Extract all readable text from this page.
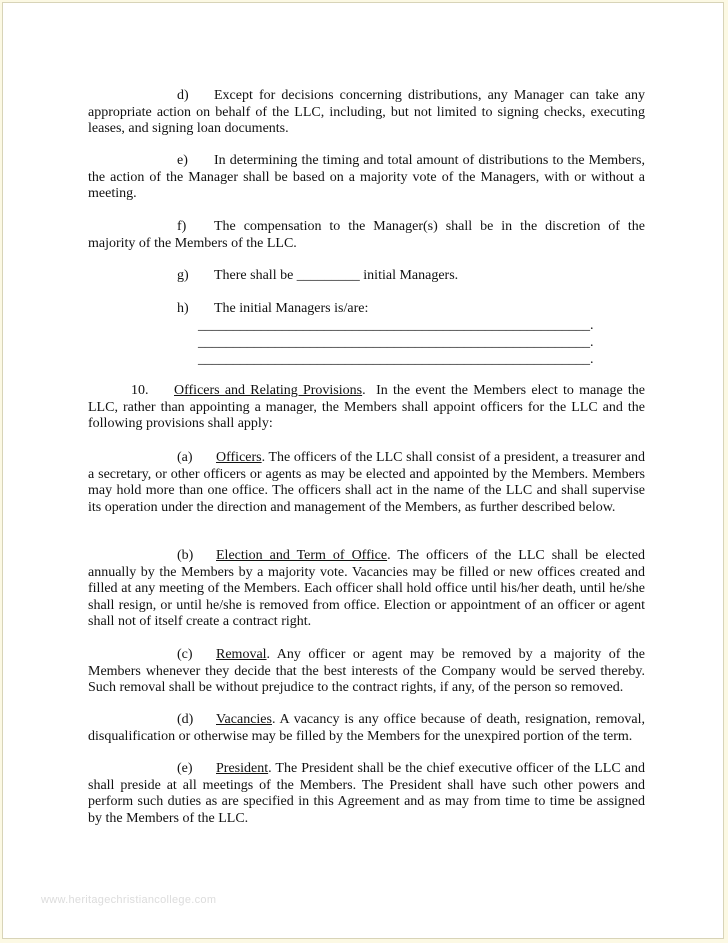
d) Except for decisions concerning distributions, any Manager can take any appropriate action on behalf of the LLC, including, but not limited to signing checks, executing leases, and signing loan documents.

e) In determining the timing and total amount of distributions to the Members, the action of the Manager shall be based on a majority vote of the Managers, with or without a meeting.

f) The compensation to the Manager(s) shall be in the discretion of the majority of the Members of the LLC.

g) There shall be _________ initial Managers.

h) The initial Managers is/are:

________________________________________________________.
________________________________________________________.
________________________________________________________.

10. Officers and Relating Provisions. In the event the Members elect to manage the LLC, rather than appointing a manager, the Members shall appoint officers for the LLC and the following provisions shall apply:

(a) Officers. The officers of the LLC shall consist of a president, a treasurer and a secretary, or other officers or agents as may be elected and appointed by the Members. Members may hold more than one office. The officers shall act in the name of the LLC and shall supervise its operation under the direction and management of the Members, as further described below.

(b) Election and Term of Office. The officers of the LLC shall be elected annually by the Members by a majority vote. Vacancies may be filled or new offices created and filled at any meeting of the Members. Each officer shall hold office until his/her death, until he/she shall resign, or until he/she is removed from office. Election or appointment of an officer or agent shall not of itself create a contract right.

(c) Removal. Any officer or agent may be removed by a majority of the Members whenever they decide that the best interests of the Company would be served thereby. Such removal shall be without prejudice to the contract rights, if any, of the person so removed.

(d) Vacancies. A vacancy is any office because of death, resignation, removal, disqualification or otherwise may be filled by the Members for the unexpired portion of the term.

(e) President. The President shall be the chief executive officer of the LLC and shall preside at all meetings of the Members. The President shall have such other powers and perform such duties as are specified in this Agreement and as may from time to time be assigned by the Members of the LLC.

www.heritagechristiancollege.com
